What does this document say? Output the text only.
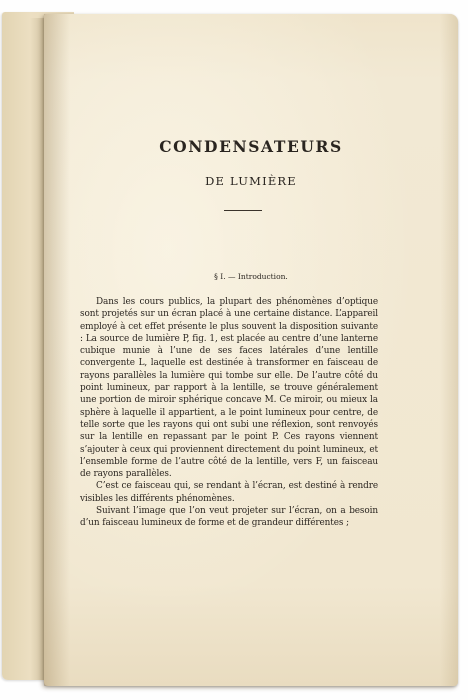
CONDENSATEURS
DE LUMIÈRE
§ I. — Introduction.

Dans les cours publics, la plupart des phénomènes d’optique sont projetés sur un écran placé à une certaine distance. L’appareil employé à cet effet présente le plus souvent la disposition suivante : La source de lumière P, fig. 1, est placée au centre d’une lanterne cubique munie à l’une de ses faces latérales d’une lentille convergente L, laquelle est destinée à transformer en faisceau de rayons parallèles la lumière qui tombe sur elle. De l’autre côté du point lumineux, par rapport à la lentille, se trouve généralement une portion de miroir sphérique concave M. Ce miroir, ou mieux la sphère à laquelle il appartient, a le point lumineux pour centre, de telle sorte que les rayons qui ont subi une réflexion, sont renvoyés sur la lentille en repassant par le point P. Ces rayons viennent s’ajouter à ceux qui proviennent directement du point lumineux, et l’ensemble forme de l’autre côté de la lentille, vers F, un faisceau de rayons parallèles.

C’est ce faisceau qui, se rendant à l’écran, est destiné à rendre visibles les différents phénomènes.

Suivant l’image que l’on veut projeter sur l’écran, on a besoin d’un faisceau lumineux de forme et de grandeur différentes ;
